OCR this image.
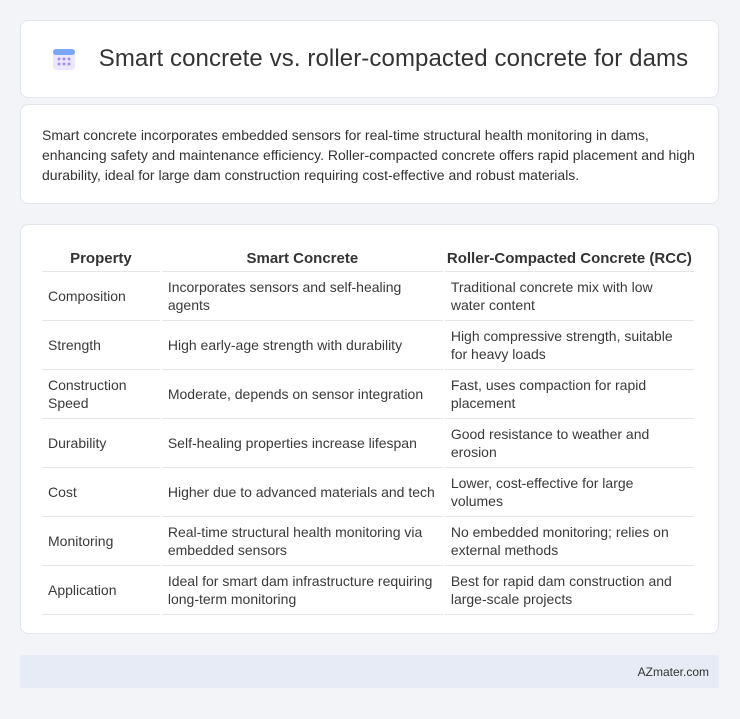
Smart concrete vs. roller-compacted concrete for dams

Smart concrete incorporates embedded sensors for real-time structural health monitoring in dams, enhancing safety and maintenance efficiency. Roller-compacted concrete offers rapid placement and high durability, ideal for large dam construction requiring cost-effective and robust materials.

Property	Smart Concrete	Roller-Compacted Concrete (RCC)
Composition	Incorporates sensors and self-healing agents	Traditional concrete mix with low water content
Strength	High early-age strength with durability	High compressive strength, suitable for heavy loads
Construction Speed	Moderate, depends on sensor integration	Fast, uses compaction for rapid placement
Durability	Self-healing properties increase lifespan	Good resistance to weather and erosion
Cost	Higher due to advanced materials and tech	Lower, cost-effective for large volumes
Monitoring	Real-time structural health monitoring via embedded sensors	No embedded monitoring; relies on external methods
Application	Ideal for smart dam infrastructure requiring long-term monitoring	Best for rapid dam construction and large-scale projects
AZmater.com
